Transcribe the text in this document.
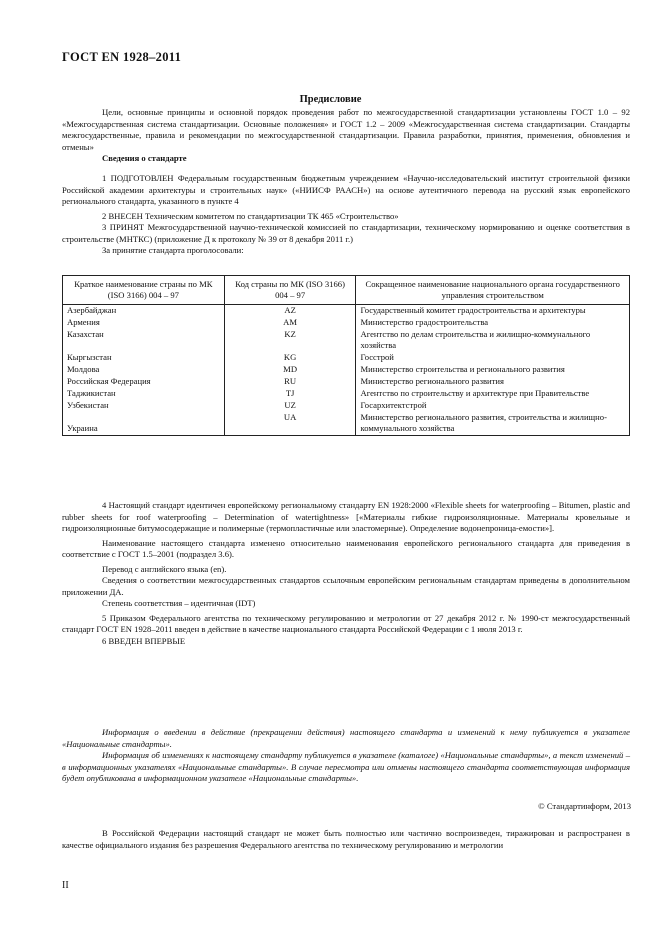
ГОСТ EN 1928–2011
Предисловие

Цели, основные принципы и основной порядок проведения работ по межгосударственной стандартизации установлены ГОСТ 1.0 – 92 «Межгосударственная система стандартизации. Основные положения» и ГОСТ 1.2 – 2009 «Межгосударственная система стандартизации. Стандарты межгосударственные, правила и рекомендации по межгосударственной стандартизации. Правила разработки, принятия, применения, обновления и отмены»

Сведения о стандарте

1 ПОДГОТОВЛЕН Федеральным государственным бюджетным учреждением «Научно-исследовательский институт строительной физики Российской академии архитектуры и строительных наук» («НИИСФ РААСН») на основе аутентичного перевода на русский язык европейского регионального стандарта, указанного в пункте 4

2 ВНЕСЕН Техническим комитетом по стандартизации ТК 465 «Строительство»

3 ПРИНЯТ Межгосударственной научно-технической комиссией по стандартизации, техническому нормированию и оценке соответствия в строительстве (МНТКС) (приложение Д к протоколу № 39 от 8 декабря 2011 г.)

За принятие стандарта проголосовали:

Краткое наименование страны по МК (ISO 3166) 004 – 97	Код страны по МК (ISO 3166) 004 – 97	Сокращенное наименование национального органа государственного управления строительством
Азербайджан	AZ	Государственный комитет градостроительства и архитектуры
Армения	AM	Министерство градостроительства
Казахстан	KZ	Агентство по делам строительства и жилищно-коммунального хозяйства
Кыргызстан	KG	Госстрой
Молдова	MD	Министерство строительства и регионального развития
Российская Федерация	RU	Министерство регионального развития
Таджикистан	TJ	Агентство по строительству и архитектуре при Правительстве
Узбекистан	UZ	Госархитектстрой
Украина	UA	Министерство регионального развития, строительства и жилищно-коммунального хозяйства

4 Настоящий стандарт идентичен европейскому региональному стандарту EN 1928:2000 «Flexible sheets for waterproofing – Bitumen, plastic and rubber sheets for roof waterproofing – Determination of watertightness» [«Материалы гибкие гидроизоляционные. Материалы кровельные и гидроизоляционные битумосодержащие и полимерные (термопластичные или эластомерные). Определение водонепроница-емости»].

Наименование настоящего стандарта изменено относительно наименования европейского регионального стандарта для приведения в соответствие с ГОСТ 1.5–2001 (подраздел 3.6).

Перевод с английского языка (en).

Сведения о соответствии межгосударственных стандартов ссылочным европейским региональным стандартам приведены в дополнительном приложении ДА.

Степень соответствия – идентичная (IDT)

5 Приказом Федерального агентства по техническому регулированию и метрологии от 27 декабря 2012 г. № 1990-ст межгосударственный стандарт ГОСТ EN 1928–2011 введен в действие в качестве национального стандарта Российской Федерации с 1 июля 2013 г.

6 ВВЕДЕН ВПЕРВЫЕ

Информация о введении в действие (прекращении действия) настоящего стандарта и изменений к нему публикуется в указателе «Национальные стандарты».

Информация об изменениях к настоящему стандарту публикуется в указателе (каталоге) «Национальные стандарты», а текст изменений – в информационных указателях «Национальные стандарты». В случае пересмотра или отмены настоящего стандарта соответствующая информация будет опубликована в информационном указателе «Национальные стандарты».

© Стандартинформ, 2013

В Российской Федерации настоящий стандарт не может быть полностью или частично воспроизведен, тиражирован и распространен в качестве официального издания без разрешения Федерального агентства по техническому регулированию и метрологии

II
